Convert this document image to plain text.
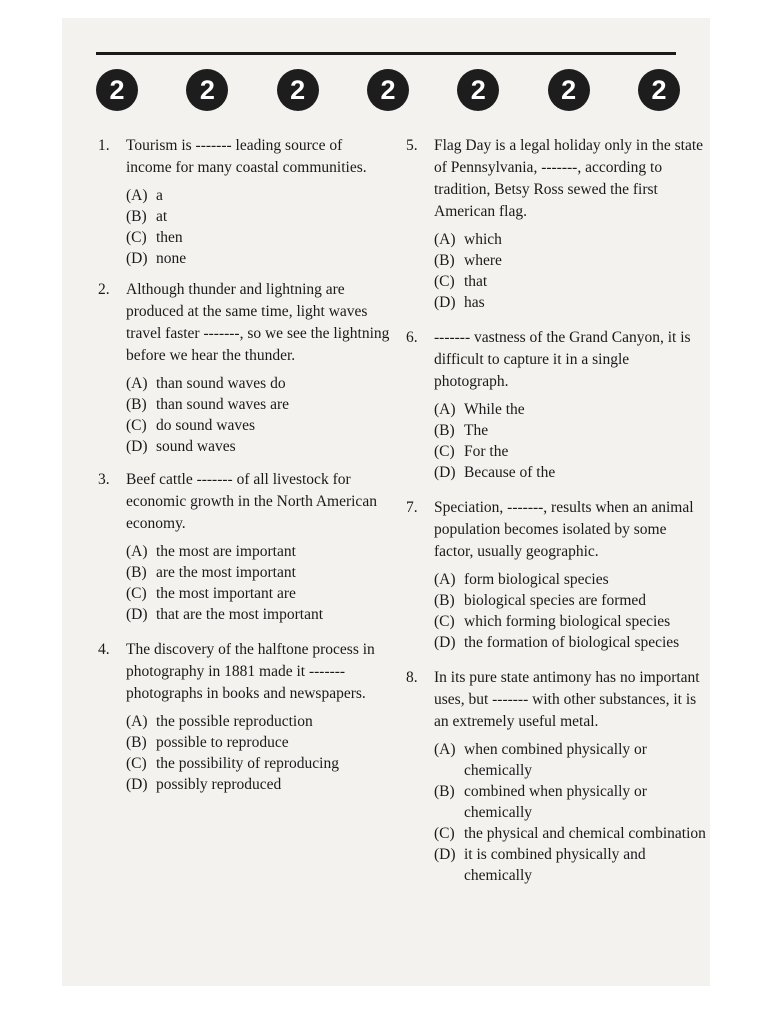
2	2	2	2	2	2	2
1.	Tourism is ------- leading source of income for many coastal communities.
(A) a
(B) at
(C) then
(D) none
2.	Although thunder and lightning are produced at the same time, light waves travel faster -------, so we see the lightning before we hear the thunder.
(A) than sound waves do
(B) than sound waves are
(C) do sound waves
(D) sound waves
3.	Beef cattle ------- of all livestock for economic growth in the North American economy.
(A) the most are important
(B) are the most important
(C) the most important are
(D) that are the most important
4.	The discovery of the halftone process in photography in 1881 made it ------- photographs in books and newspapers.
(A) the possible reproduction
(B) possible to reproduce
(C) the possibility of reproducing
(D) possibly reproduced
5.	Flag Day is a legal holiday only in the state of Pennsylvania, -------, according to tradition, Betsy Ross sewed the first American flag.
(A) which
(B) where
(C) that
(D) has
6.	------- vastness of the Grand Canyon, it is difficult to capture it in a single photograph.
(A) While the
(B) The
(C) For the
(D) Because of the
7.	Speciation, -------, results when an animal population becomes isolated by some factor, usually geographic.
(A) form biological species
(B) biological species are formed
(C) which forming biological species
(D) the formation of biological species
8.	In its pure state antimony has no important uses, but ------- with other substances, it is an extremely useful metal.
(A) when combined physically or chemically
(B) combined when physically or chemically
(C) the physical and chemical combination
(D) it is combined physically and chemically
